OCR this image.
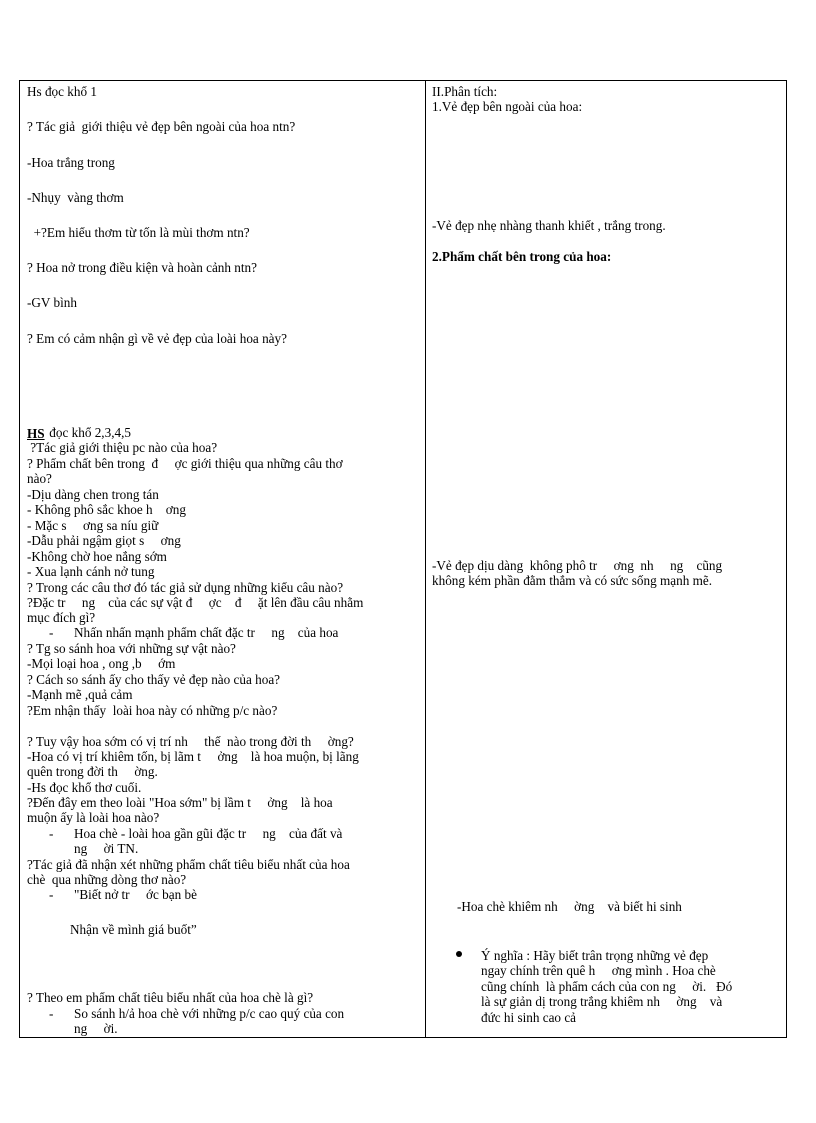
Hs đọc khổ 1
? Tác giả  giới thiệu vẻ đẹp bên ngoài của hoa ntn?
-Hoa trắng trong
-Nhụy  vàng thơm
+?Em hiểu thơm từ tốn là mùi thơm ntn?
? Hoa nở trong điều kiện và hoàn cảnh ntn?
-GV bình
? Em có cảm nhận gì về vẻ đẹp của loài hoa này?
HS đọc khổ 2,3,4,5
?Tác giả giới thiệu pc nào của hoa?
? Phẩm chất bên trong  đ     ợc giới thiệu qua những câu thơ
nào?
-Dịu dàng chen trong tán
- Không phô sắc khoe h    ơng
- Mặc s     ơng sa níu giữ
-Dẫu phải ngậm giọt s     ơng
-Không chờ hoe nắng sớm
- Xua lạnh cánh nở tung
? Trong các câu thơ đó tác giả sử dụng những kiểu câu nào?
?Đặc tr     ng    của các sự vật đ     ợc    đ     ặt lên đầu câu nhằm
mục đích gì?
- Nhấn nhấn mạnh phẩm chất đặc tr     ng    của hoa
? Tg so sánh hoa với những sự vật nào?
-Mọi loại hoa , ong ,b     ớm
? Cách so sánh ấy cho thấy vẻ đẹp nào của hoa?
-Mạnh mẽ ,quả cảm
?Em nhận thấy  loài hoa này có những p/c nào?
? Tuy vậy hoa sớm có vị trí nh     thế  nào trong đời th     ờng?
-Hoa có vị trí khiêm tốn, bị lãm t     ởng    là hoa muộn, bị lãng
quên trong đời th     ờng.
-Hs đọc khổ thơ cuối.
?Đến đây em theo loài "Hoa sớm" bị lầm t     ởng    là hoa
muộn ấy là loài hoa nào?
- Hoa chè - loài hoa gần gũi đặc tr     ng    của đất và
ng     ời TN.
?Tác giả đã nhận xét những phẩm chất tiêu biểu nhất của hoa
chè  qua những dòng thơ nào?
- "Biết nở tr     ớc bạn bè
Nhận về mình giá buốt”
? Theo em phẩm chất tiêu biểu nhất của hoa chè là gì?
- So sánh h/ả hoa chè với những p/c cao quý của con
ng     ời.
II.Phân tích:
1.Vẻ đẹp bên ngoài của hoa:
-Vẻ đẹp nhẹ nhàng thanh khiết , trắng trong.
2.Phẩm chất bên trong của hoa:
-Vẻ đẹp dịu dàng  không phô tr     ơng  nh     ng    cũng
không kém phần đằm thắm và có sức sống mạnh mẽ.
-Hoa chè khiêm nh     ờng    và biết hi sinh
Ý nghĩa : Hãy biết trân trọng những vẻ đẹp
ngay chính trên quê h     ơng mình . Hoa chè
cũng chính  là phẩm cách của con ng     ời.   Đó
là sự giản dị trong trắng khiêm nh     ờng    và
đức hi sinh cao cả
